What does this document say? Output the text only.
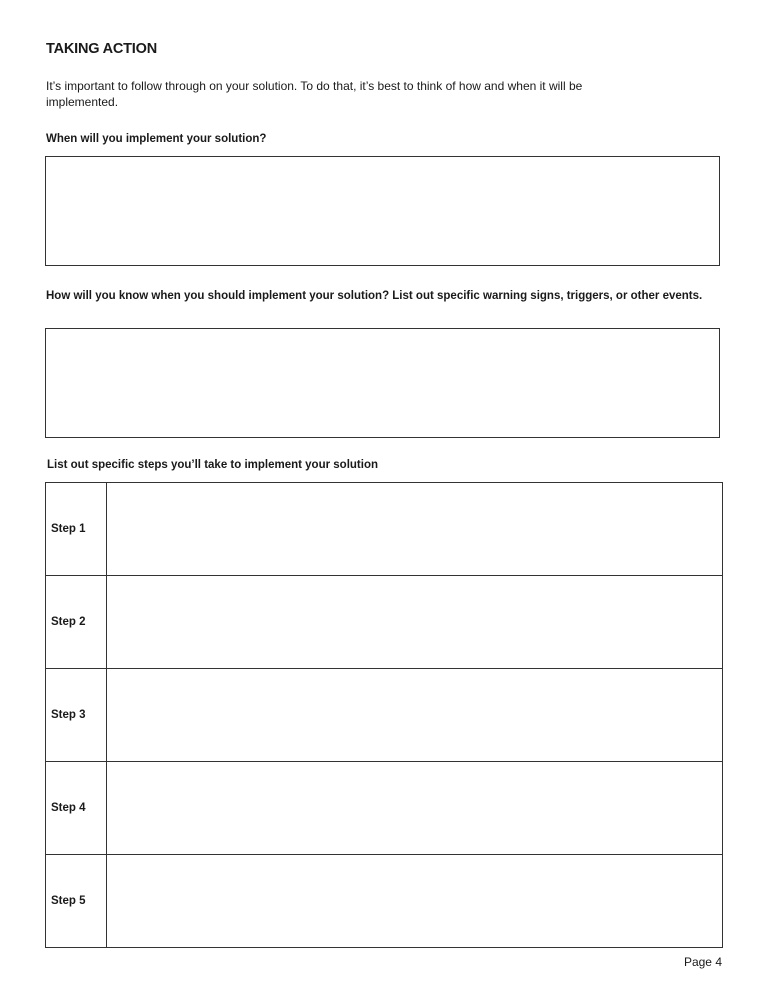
TAKING ACTION
It’s important to follow through on your solution. To do that, it’s best to think of how and when it will be implemented.
When will you implement your solution?
How will you know when you should implement your solution? List out specific warning signs, triggers, or other events.
List out specific steps you’ll take to implement your solution
Step 1	
Step 2	
Step 3	
Step 4	
Step 5	
Page 4
